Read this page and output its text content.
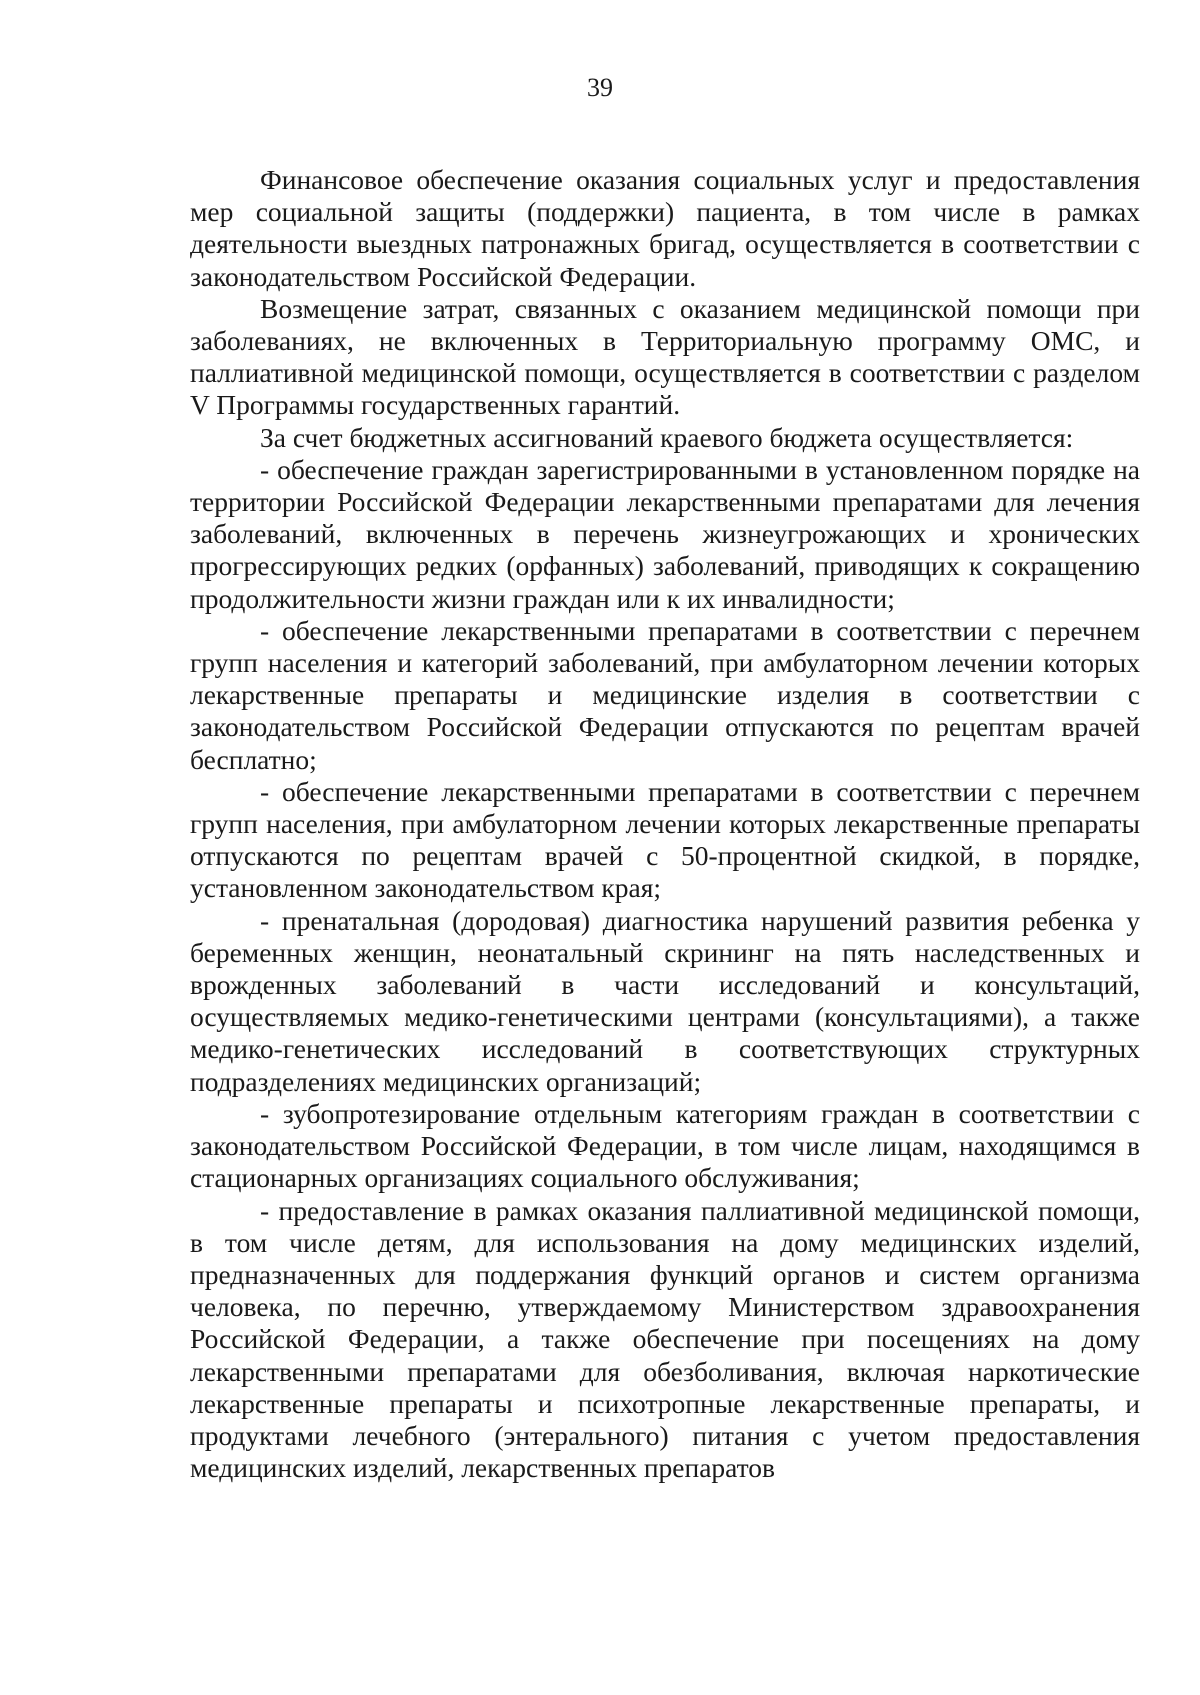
39

Финансовое обеспечение оказания социальных услуг и предоставления мер социальной защиты (поддержки) пациента, в том числе в рамках деятельности выездных патронажных бригад, осуществляется в соответствии с законодательством Российской Федерации.

Возмещение затрат, связанных с оказанием медицинской помощи при заболеваниях, не включенных в Территориальную программу ОМС, и паллиативной медицинской помощи, осуществляется в соответствии с разделом V Программы государственных гарантий.

За счет бюджетных ассигнований краевого бюджета осуществляется:

- обеспечение граждан зарегистрированными в установленном порядке на территории Российской Федерации лекарственными препаратами для лечения заболеваний, включенных в перечень жизнеугрожающих и хронических прогрессирующих редких (орфанных) заболеваний, приводящих к сокращению продолжительности жизни граждан или к их инвалидности;

- обеспечение лекарственными препаратами в соответствии с перечнем групп населения и категорий заболеваний, при амбулаторном лечении которых лекарственные препараты и медицинские изделия в соответствии с законодательством Российской Федерации отпускаются по рецептам врачей бесплатно;

- обеспечение лекарственными препаратами в соответствии с перечнем групп населения, при амбулаторном лечении которых лекарственные препараты отпускаются по рецептам врачей с 50-процентной скидкой, в порядке, установленном законодательством края;

- пренатальная (дородовая) диагностика нарушений развития ребенка у беременных женщин, неонатальный скрининг на пять наследственных и врожденных заболеваний в части исследований и консультаций, осуществляемых медико-генетическими центрами (консультациями), а также медико-генетических исследований в соответствующих структурных подразделениях медицинских организаций;

- зубопротезирование отдельным категориям граждан в соответствии с законодательством Российской Федерации, в том числе лицам, находящимся в стационарных организациях социального обслуживания;

- предоставление в рамках оказания паллиативной медицинской помощи, в том числе детям, для использования на дому медицинских изделий, предназначенных для поддержания функций органов и систем организма человека, по перечню, утверждаемому Министерством здравоохранения Российской Федерации, а также обеспечение при посещениях на дому лекарственными препаратами для обезболивания, включая наркотические лекарственные препараты и психотропные лекарственные препараты, и продуктами лечебного (энтерального) питания с учетом предоставления медицинских изделий, лекарственных препаратов
